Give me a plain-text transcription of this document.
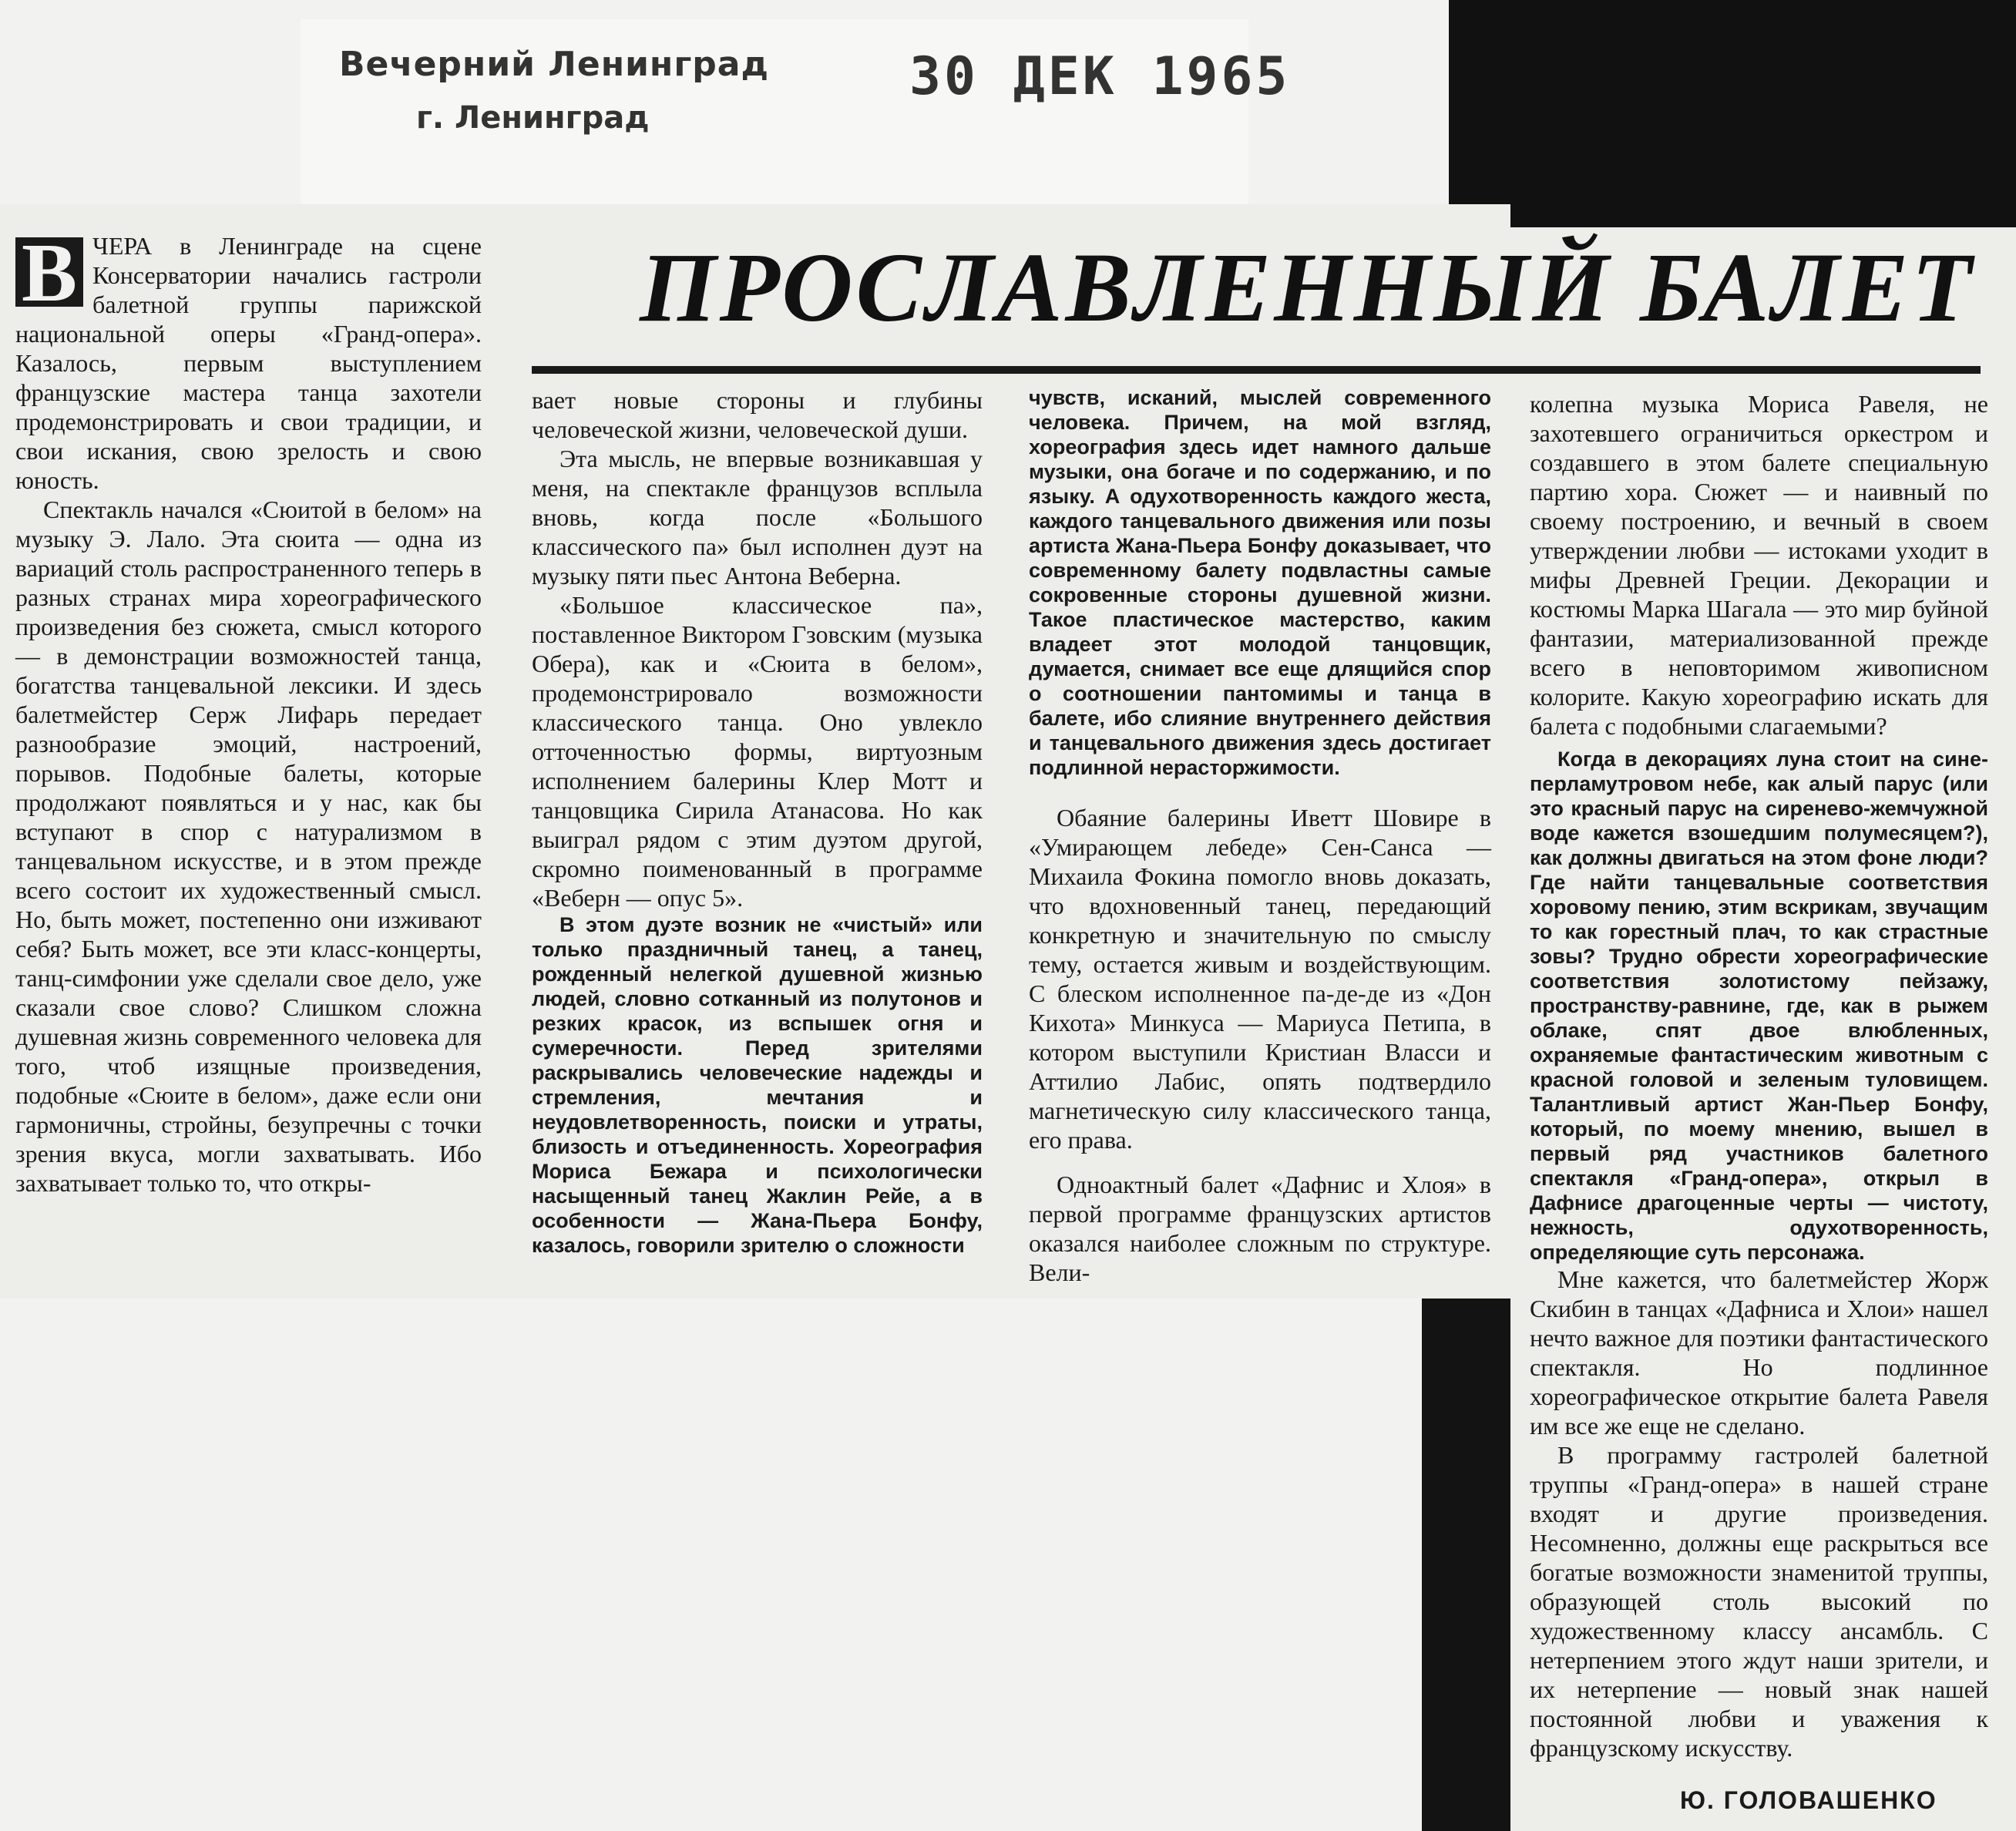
Вечерний Ленинград
г. Ленинград
30 ДЕК 1965
ПРОСЛАВЛЕННЫЙ БАЛЕТ

В ЧЕРА в Ленинграде на сцене Консерватории начались гастроли балетной группы парижской национальной оперы «Гранд-опера». Казалось, первым выступлением французские мастера танца захотели продемонстрировать и свои традиции, и свои искания, свою зрелость и свою юность.

Спектакль начался «Сюитой в белом» на музыку Э. Лало. Эта сюита — одна из вариаций столь распространенного теперь в разных странах мира хореографического произведения без сюжета, смысл которого — в демонстрации возможностей танца, богатства танцевальной лексики. И здесь балетмейстер Серж Лифарь передает разнообразие эмоций, настроений, порывов. Подобные балеты, которые продолжают появляться и у нас, как бы вступают в спор с натурализмом в танцевальном искусстве, и в этом прежде всего состоит их художественный смысл. Но, быть может, постепенно они изживают себя? Быть может, все эти класс-концерты, танц-симфонии уже сделали свое дело, уже сказали свое слово? Слишком сложна душевная жизнь современного человека для того, чтоб изящные произведения, подобные «Сюите в белом», даже если они гармоничны, стройны, безупречны с точки зрения вкуса, могли захватывать. Ибо захватывает только то, что откры-

вает новые стороны и глубины человеческой жизни, человеческой души.

Эта мысль, не впервые возникавшая у меня, на спектакле французов всплыла вновь, когда после «Большого классического па» был исполнен дуэт на музыку пяти пьес Антона Веберна.

«Большое классическое па», поставленное Виктором Гзовским (музыка Обера), как и «Сюита в белом», продемонстрировало возможности классического танца. Оно увлекло отточенностью формы, виртуозным исполнением балерины Клер Мотт и танцовщика Сирила Атанасова. Но как выиграл рядом с этим дуэтом другой, скромно поименованный в программе «Веберн — опус 5».

В этом дуэте возник не «чистый» или только праздничный танец, а танец, рожденный нелегкой душевной жизнью людей, словно сотканный из полутонов и резких красок, из вспышек огня и сумеречности. Перед зрителями раскрывались человеческие надежды и стремления, мечтания и неудовлетворенность, поиски и утраты, близость и отъединенность. Хореография Мориса Бежара и психологически насыщенный танец Жаклин Рейе, а в особенности — Жана-Пьера Бонфу, казалось, говорили зрителю о сложности

чувств, исканий, мыслей современного человека. Причем, на мой взгляд, хореография здесь идет намного дальше музыки, она богаче и по содержанию, и по языку. А одухотворенность каждого жеста, каждого танцевального движения или позы артиста Жана-Пьера Бонфу доказывает, что современному балету подвластны самые сокровенные стороны душевной жизни. Такое пластическое мастерство, каким владеет этот молодой танцовщик, думается, снимает все еще длящийся спор о соотношении пантомимы и танца в балете, ибо слияние внутреннего действия и танцевального движения здесь достигает подлинной нерасторжимости.

Обаяние балерины Иветт Шовире в «Умирающем лебеде» Сен-Санса — Михаила Фокина помогло вновь доказать, что вдохновенный танец, передающий конкретную и значительную по смыслу тему, остается живым и воздействующим. С блеском исполненное па-де-де из «Дон Кихота» Минкуса — Мариуса Петипа, в котором выступили Кристиан Власси и Аттилио Лабис, опять подтвердило магнетическую силу классического танца, его права.

Одноактный балет «Дафнис и Хлоя» в первой программе французских артистов оказался наиболее сложным по структуре. Вели-

колепна музыка Мориса Равеля, не захотевшего ограничиться оркестром и создавшего в этом балете специальную партию хора. Сюжет — и наивный по своему построению, и вечный в своем утверждении любви — истоками уходит в мифы Древней Греции. Декорации и костюмы Марка Шагала — это мир буйной фантазии, материализованной прежде всего в неповторимом живописном колорите. Какую хореографию искать для балета с подобными слагаемыми?

Когда в декорациях луна стоит на сине-перламутровом небе, как алый парус (или это красный парус на сиренево-жемчужной воде кажется взошедшим полумесяцем?), как должны двигаться на этом фоне люди? Где найти танцевальные соответствия хоровому пению, этим вскрикам, звучащим то как горестный плач, то как страстные зовы? Трудно обрести хореографические соответствия золотистому пейзажу, пространству-равнине, где, как в рыжем облаке, спят двое влюбленных, охраняемые фантастическим животным с красной головой и зеленым туловищем. Талантливый артист Жан-Пьер Бонфу, который, по моему мнению, вышел в первый ряд участников балетного спектакля «Гранд-опера», открыл в Дафнисе драгоценные черты — чистоту, нежность, одухотворенность, определяющие суть персонажа.

Мне кажется, что балетмейстер Жорж Скибин в танцах «Дафниса и Хлои» нашел нечто важное для поэтики фантастического спектакля. Но подлинное хореографическое открытие балета Равеля им все же еще не сделано.

В программу гастролей балетной труппы «Гранд-опера» в нашей стране входят и другие произведения. Несомненно, должны еще раскрыться все богатые возможности знаменитой труппы, образующей столь высокий по художественному классу ансамбль. С нетерпением этого ждут наши зрители, и их нетерпение — новый знак нашей постоянной любви и уважения к французскому искусству.

Ю. ГОЛОВАШЕНКО
